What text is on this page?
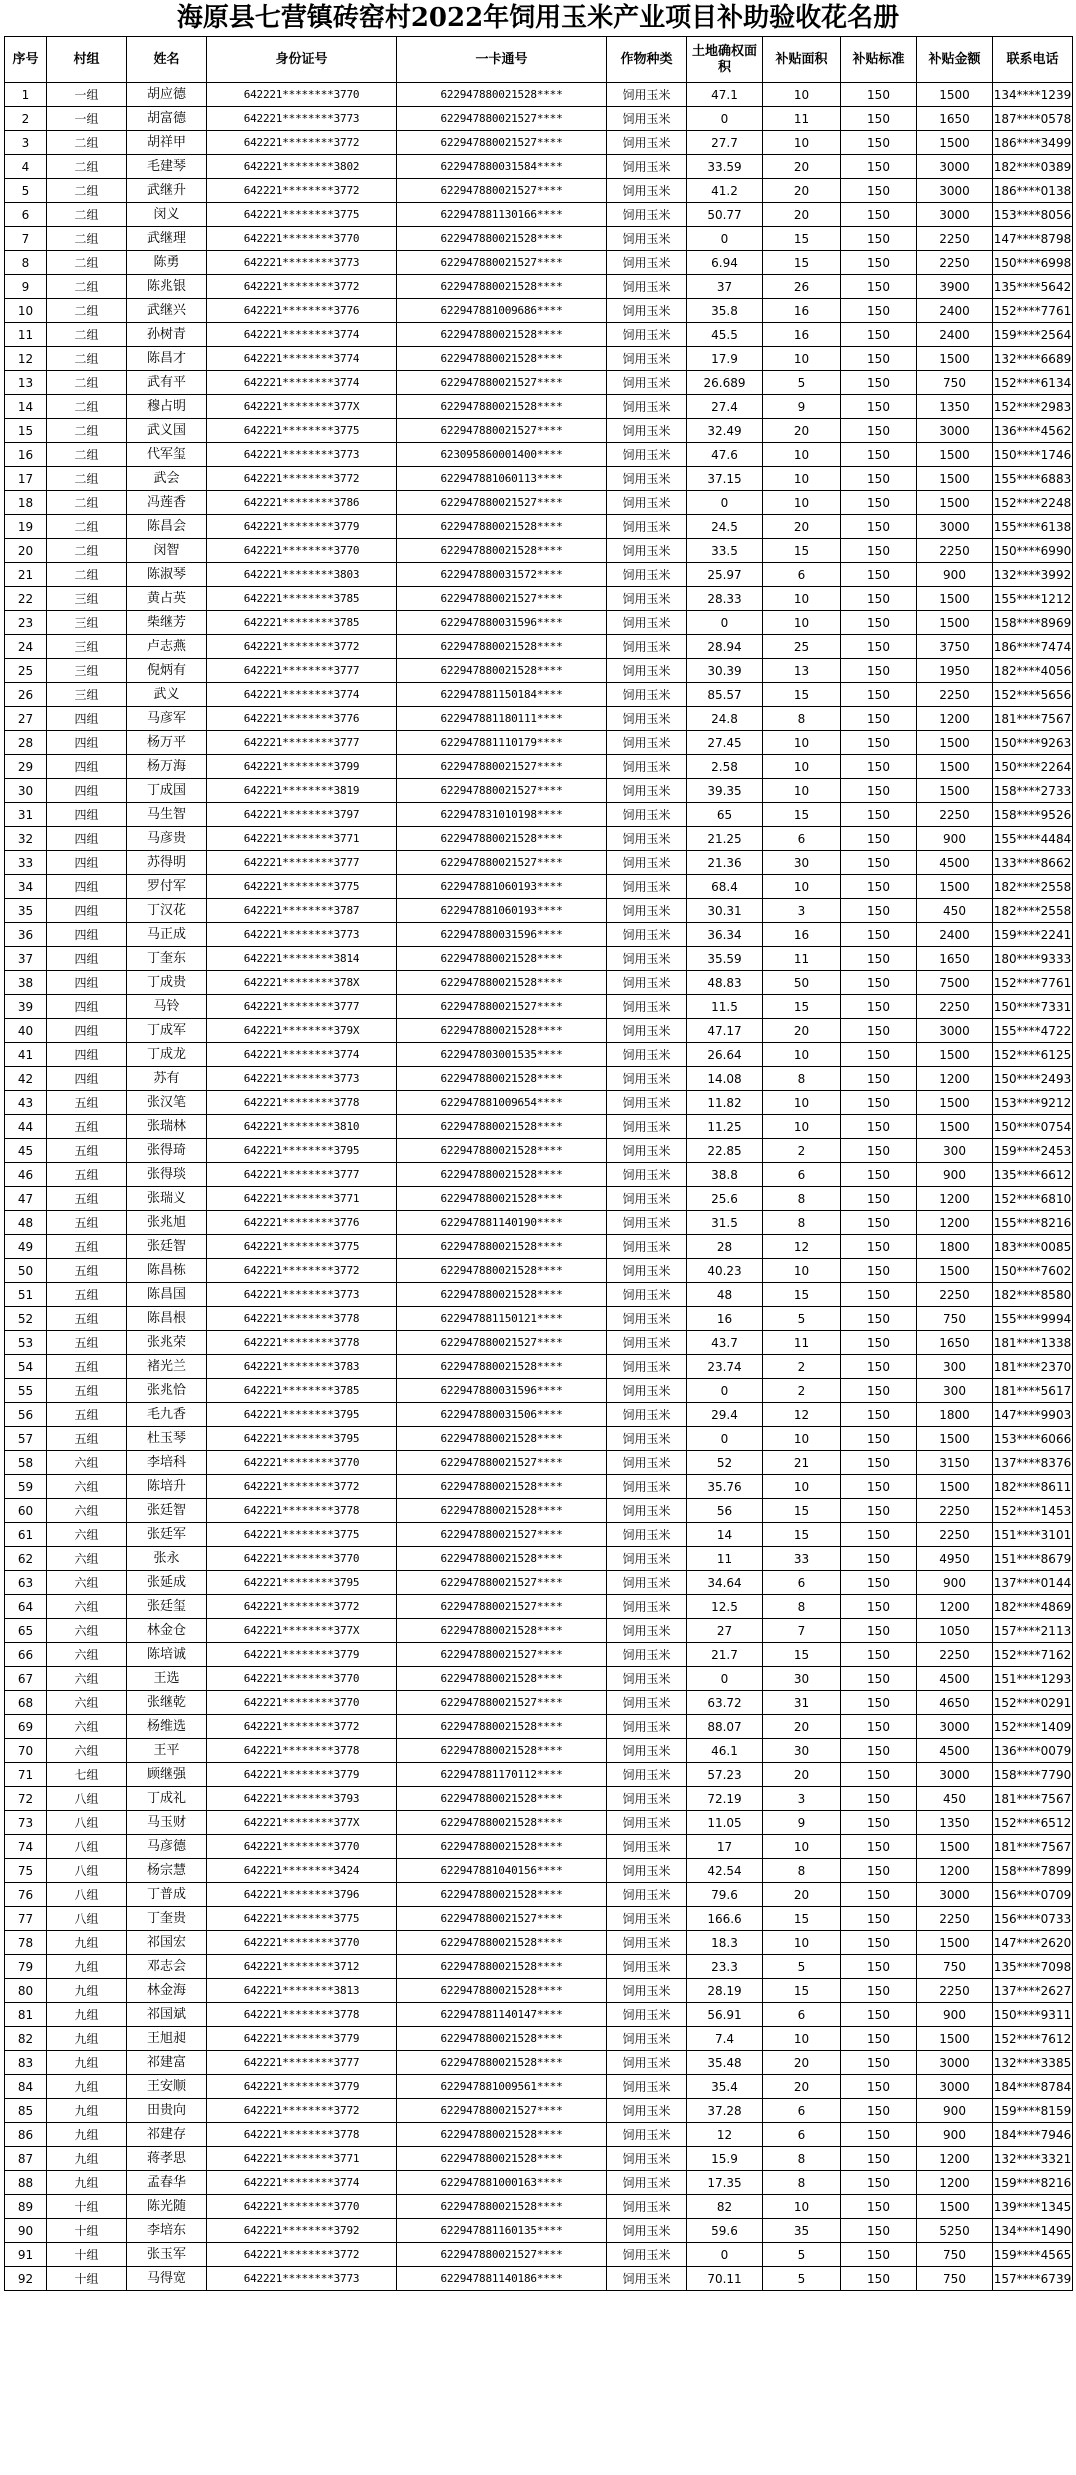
海原县七营镇砖窑村2022年饲用玉米产业项目补助验收花名册
序号	村组	姓名	身份证号	一卡通号	作物种类	土地确权面积	补贴面积	补贴标准	补贴金额	联系电话
1	一组	胡应德	642221********3770	622947880021528****	饲用玉米	47.1	10	150	1500	134****1239
2	一组	胡富德	642221********3773	622947880021527****	饲用玉米	0	11	150	1650	187****0578
3	二组	胡祥甲	642221********3772	622947880021527****	饲用玉米	27.7	10	150	1500	186****3499
4	二组	毛建琴	642221********3802	622947880031584****	饲用玉米	33.59	20	150	3000	182****0389
5	二组	武继升	642221********3772	622947880021527****	饲用玉米	41.2	20	150	3000	186****0138
6	二组	闵义	642221********3775	622947881130166****	饲用玉米	50.77	20	150	3000	153****8056
7	二组	武继理	642221********3770	622947880021528****	饲用玉米	0	15	150	2250	147****8798
8	二组	陈勇	642221********3773	622947880021527****	饲用玉米	6.94	15	150	2250	150****6998
9	二组	陈兆银	642221********3772	622947880021528****	饲用玉米	37	26	150	3900	135****5642
10	二组	武继兴	642221********3776	622947881009686****	饲用玉米	35.8	16	150	2400	152****7761
11	二组	孙树青	642221********3774	622947880021528****	饲用玉米	45.5	16	150	2400	159****2564
12	二组	陈昌才	642221********3774	622947880021528****	饲用玉米	17.9	10	150	1500	132****6689
13	二组	武有平	642221********3774	622947880021527****	饲用玉米	26.689	5	150	750	152****6134
14	二组	穆占明	642221********377X	622947880021528****	饲用玉米	27.4	9	150	1350	152****2983
15	二组	武义国	642221********3775	622947880021527****	饲用玉米	32.49	20	150	3000	136****4562
16	二组	代军玺	642221********3773	623095860001400****	饲用玉米	47.6	10	150	1500	150****1746
17	二组	武会	642221********3772	622947881060113****	饲用玉米	37.15	10	150	1500	155****6883
18	二组	冯莲香	642221********3786	622947880021527****	饲用玉米	0	10	150	1500	152****2248
19	二组	陈昌会	642221********3779	622947880021528****	饲用玉米	24.5	20	150	3000	155****6138
20	二组	闵智	642221********3770	622947880021528****	饲用玉米	33.5	15	150	2250	150****6990
21	二组	陈淑琴	642221********3803	622947880031572****	饲用玉米	25.97	6	150	900	132****3992
22	三组	黄占英	642221********3785	622947880021527****	饲用玉米	28.33	10	150	1500	155****1212
23	三组	柴继芳	642221********3785	622947880031596****	饲用玉米	0	10	150	1500	158****8969
24	三组	卢志燕	642221********3772	622947880021528****	饲用玉米	28.94	25	150	3750	186****7474
25	三组	倪炳有	642221********3777	622947880021528****	饲用玉米	30.39	13	150	1950	182****4056
26	三组	武义	642221********3774	622947881150184****	饲用玉米	85.57	15	150	2250	152****5656
27	四组	马彦军	642221********3776	622947881180111****	饲用玉米	24.8	8	150	1200	181****7567
28	四组	杨万平	642221********3777	622947881110179****	饲用玉米	27.45	10	150	1500	150****9263
29	四组	杨万海	642221********3799	622947880021527****	饲用玉米	2.58	10	150	1500	150****2264
30	四组	丁成国	642221********3819	622947880021527****	饲用玉米	39.35	10	150	1500	158****2733
31	四组	马生智	642221********3797	622947831010198****	饲用玉米	65	15	150	2250	158****9526
32	四组	马彦贵	642221********3771	622947880021528****	饲用玉米	21.25	6	150	900	155****4484
33	四组	苏得明	642221********3777	622947880021527****	饲用玉米	21.36	30	150	4500	133****8662
34	四组	罗付军	642221********3775	622947881060193****	饲用玉米	68.4	10	150	1500	182****2558
35	四组	丁汉花	642221********3787	622947881060193****	饲用玉米	30.31	3	150	450	182****2558
36	四组	马正成	642221********3773	622947880031596****	饲用玉米	36.34	16	150	2400	159****2241
37	四组	丁奎东	642221********3814	622947880021528****	饲用玉米	35.59	11	150	1650	180****9333
38	四组	丁成贵	642221********378X	622947880021528****	饲用玉米	48.83	50	150	7500	152****7761
39	四组	马铃	642221********3777	622947880021527****	饲用玉米	11.5	15	150	2250	150****7331
40	四组	丁成军	642221********379X	622947880021528****	饲用玉米	47.17	20	150	3000	155****4722
41	四组	丁成龙	642221********3774	622947803001535****	饲用玉米	26.64	10	150	1500	152****6125
42	四组	苏有	642221********3773	622947880021528****	饲用玉米	14.08	8	150	1200	150****2493
43	五组	张汉笔	642221********3778	622947881009654****	饲用玉米	11.82	10	150	1500	153****9212
44	五组	张瑞林	642221********3810	622947880021528****	饲用玉米	11.25	10	150	1500	150****0754
45	五组	张得琦	642221********3795	622947880021528****	饲用玉米	22.85	2	150	300	159****2453
46	五组	张得琰	642221********3777	622947880021528****	饲用玉米	38.8	6	150	900	135****6612
47	五组	张瑞义	642221********3771	622947880021528****	饲用玉米	25.6	8	150	1200	152****6810
48	五组	张兆旭	642221********3776	622947881140190****	饲用玉米	31.5	8	150	1200	155****8216
49	五组	张廷智	642221********3775	622947880021528****	饲用玉米	28	12	150	1800	183****0085
50	五组	陈昌栋	642221********3772	622947880021528****	饲用玉米	40.23	10	150	1500	150****7602
51	五组	陈昌国	642221********3773	622947880021528****	饲用玉米	48	15	150	2250	182****8580
52	五组	陈昌根	642221********3778	622947881150121****	饲用玉米	16	5	150	750	155****9994
53	五组	张兆荣	642221********3778	622947880021527****	饲用玉米	43.7	11	150	1650	181****1338
54	五组	褚光兰	642221********3783	622947880021528****	饲用玉米	23.74	2	150	300	181****2370
55	五组	张兆恰	642221********3785	622947880031596****	饲用玉米	0	2	150	300	181****5617
56	五组	毛九香	642221********3795	622947880031506****	饲用玉米	29.4	12	150	1800	147****9903
57	五组	杜玉琴	642221********3795	622947880021528****	饲用玉米	0	10	150	1500	153****6066
58	六组	李培科	642221********3770	622947880021527****	饲用玉米	52	21	150	3150	137****8376
59	六组	陈培升	642221********3772	622947880021528****	饲用玉米	35.76	10	150	1500	182****8611
60	六组	张廷智	642221********3778	622947880021528****	饲用玉米	56	15	150	2250	152****1453
61	六组	张廷军	642221********3775	622947880021527****	饲用玉米	14	15	150	2250	151****3101
62	六组	张永	642221********3770	622947880021528****	饲用玉米	11	33	150	4950	151****8679
63	六组	张延成	642221********3795	622947880021527****	饲用玉米	34.64	6	150	900	137****0144
64	六组	张廷玺	642221********3772	622947880021527****	饲用玉米	12.5	8	150	1200	182****4869
65	六组	林金仓	642221********377X	622947880021528****	饲用玉米	27	7	150	1050	157****2113
66	六组	陈培诚	642221********3779	622947880021527****	饲用玉米	21.7	15	150	2250	152****7162
67	六组	王选	642221********3770	622947880021528****	饲用玉米	0	30	150	4500	151****1293
68	六组	张继乾	642221********3770	622947880021527****	饲用玉米	63.72	31	150	4650	152****0291
69	六组	杨维选	642221********3772	622947880021528****	饲用玉米	88.07	20	150	3000	152****1409
70	六组	王平	642221********3778	622947880021528****	饲用玉米	46.1	30	150	4500	136****0079
71	七组	顾继强	642221********3779	622947881170112****	饲用玉米	57.23	20	150	3000	158****7790
72	八组	丁成礼	642221********3793	622947880021528****	饲用玉米	72.19	3	150	450	181****7567
73	八组	马玉财	642221********377X	622947880021528****	饲用玉米	11.05	9	150	1350	152****6512
74	八组	马彦德	642221********3770	622947880021528****	饲用玉米	17	10	150	1500	181****7567
75	八组	杨宗慧	642221********3424	622947881040156****	饲用玉米	42.54	8	150	1200	158****7899
76	八组	丁普成	642221********3796	622947880021528****	饲用玉米	79.6	20	150	3000	156****0709
77	八组	丁奎贵	642221********3775	622947880021527****	饲用玉米	166.6	15	150	2250	156****0733
78	九组	祁国宏	642221********3770	622947880021528****	饲用玉米	18.3	10	150	1500	147****2620
79	九组	邓志会	642221********3712	622947880021528****	饲用玉米	23.3	5	150	750	135****7098
80	九组	林金海	642221********3813	622947880021528****	饲用玉米	28.19	15	150	2250	137****2627
81	九组	祁国斌	642221********3778	622947881140147****	饲用玉米	56.91	6	150	900	150****9311
82	九组	王旭昶	642221********3779	622947880021528****	饲用玉米	7.4	10	150	1500	152****7612
83	九组	祁建富	642221********3777	622947880021528****	饲用玉米	35.48	20	150	3000	132****3385
84	九组	王安顺	642221********3779	622947881009561****	饲用玉米	35.4	20	150	3000	184****8784
85	九组	田贵向	642221********3772	622947880021527****	饲用玉米	37.28	6	150	900	159****8159
86	九组	祁建存	642221********3778	622947880021528****	饲用玉米	12	6	150	900	184****7946
87	九组	蒋孝思	642221********3771	622947880021528****	饲用玉米	15.9	8	150	1200	132****3321
88	九组	孟春华	642221********3774	622947881000163****	饲用玉米	17.35	8	150	1200	159****8216
89	十组	陈光随	642221********3770	622947880021528****	饲用玉米	82	10	150	1500	139****1345
90	十组	李培东	642221********3792	622947881160135****	饲用玉米	59.6	35	150	5250	134****1490
91	十组	张玉军	642221********3772	622947880021527****	饲用玉米	0	5	150	750	159****4565
92	十组	马得宽	642221********3773	622947881140186****	饲用玉米	70.11	5	150	750	157****6739
